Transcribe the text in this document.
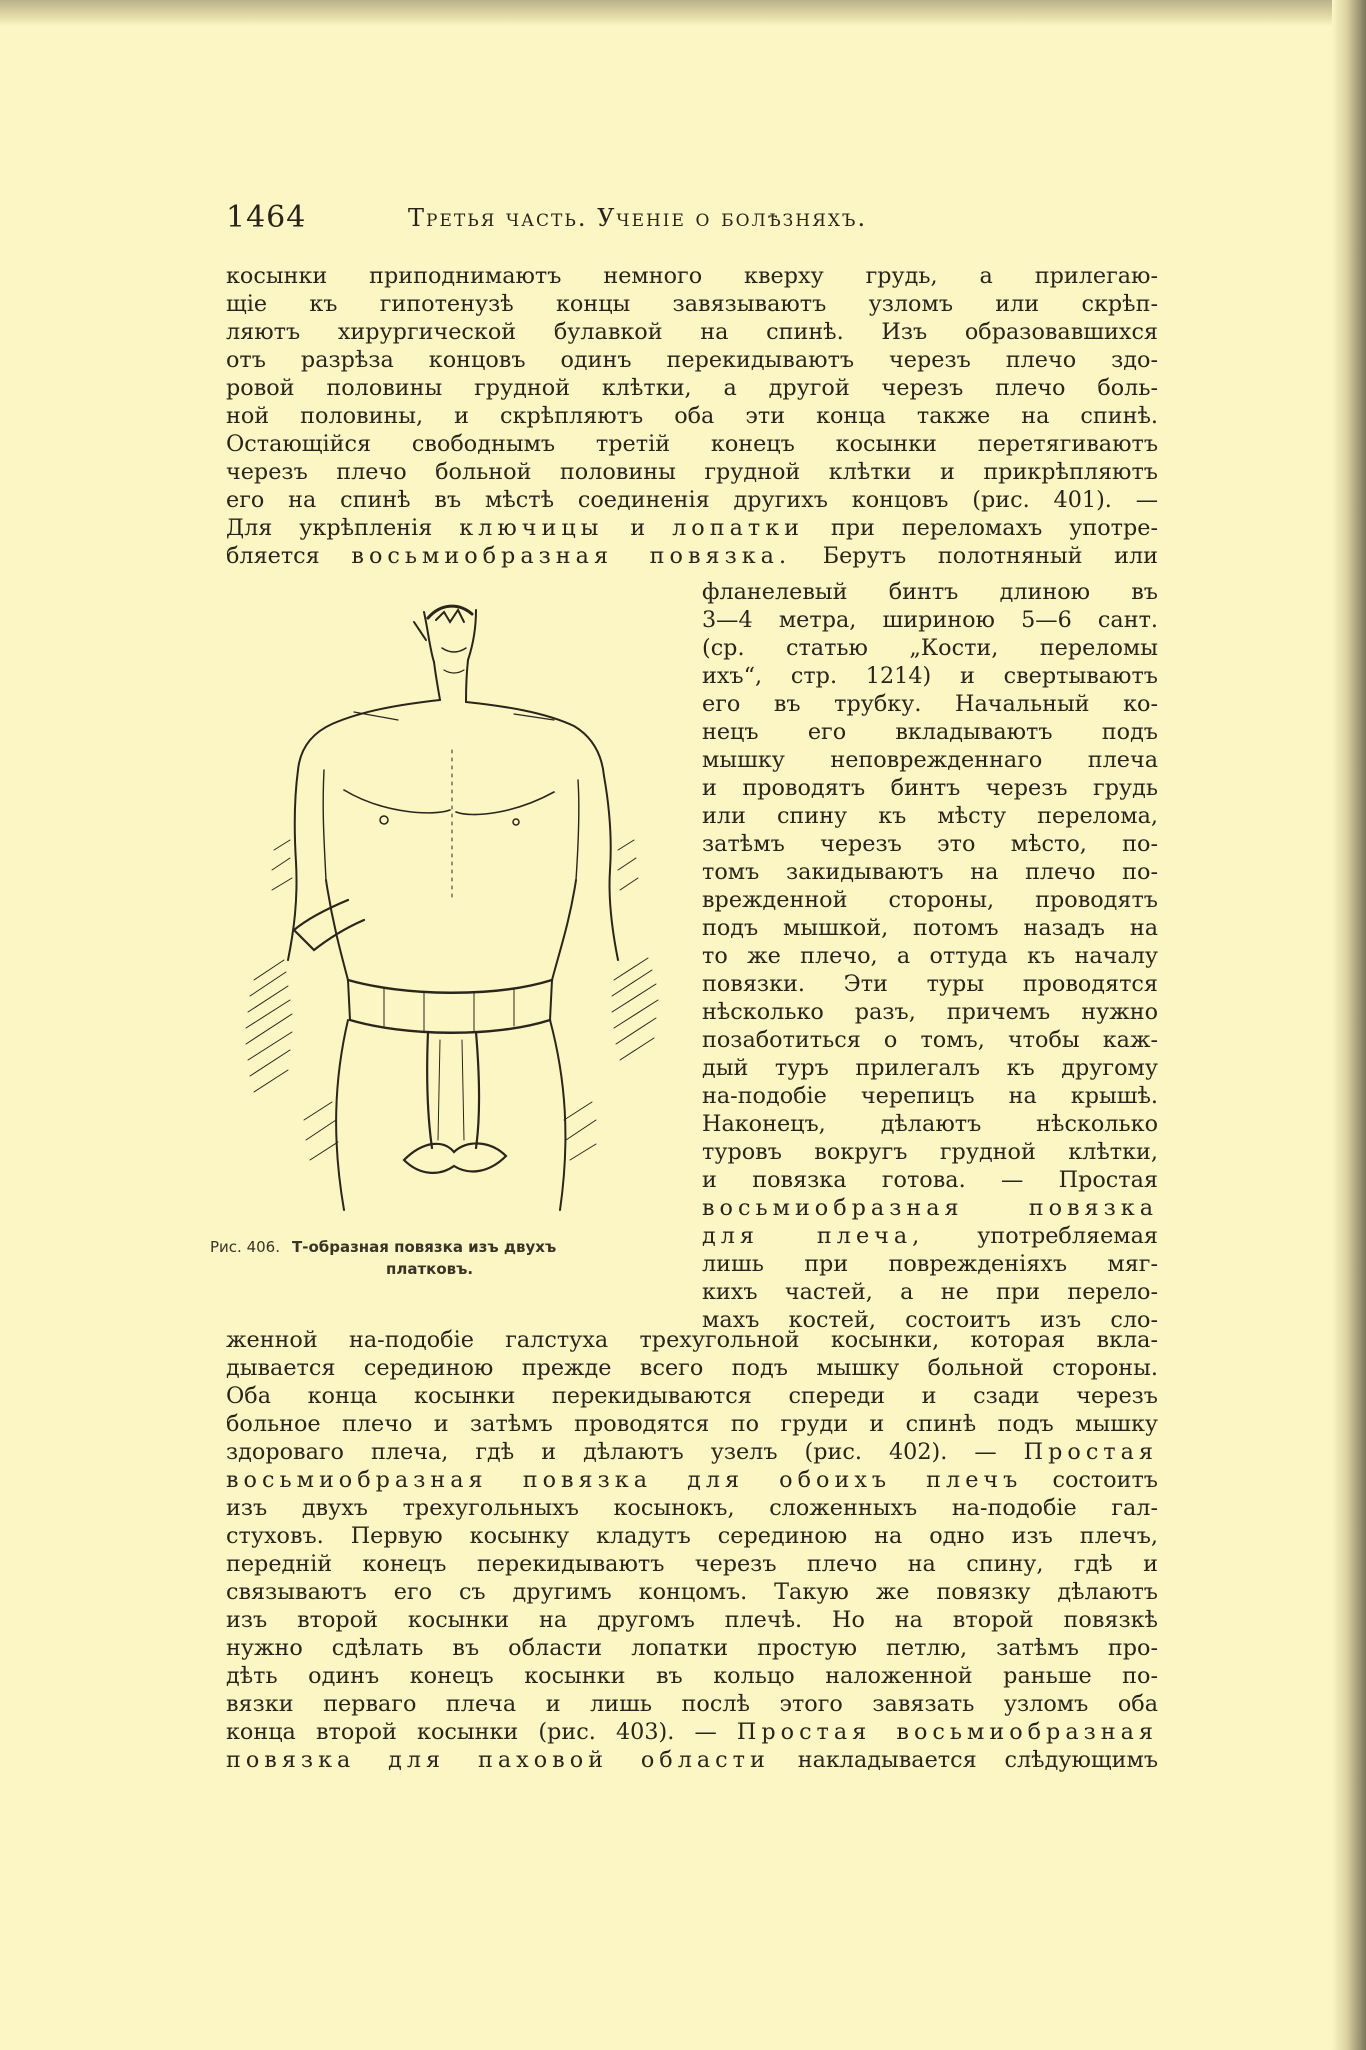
1464	Третья часть. Ученіе о болѣзняхъ.
косынки приподнимаютъ немного кверху грудь, а прилегаю-
щіе къ гипотенузѣ концы завязываютъ узломъ или скрѣп-
ляютъ хирургической булавкой на спинѣ. Изъ образовавшихся
отъ разрѣза концовъ одинъ перекидываютъ черезъ плечо здо-
ровой половины грудной клѣтки, а другой черезъ плечо боль-
ной половины, и скрѣпляютъ оба эти конца также на спинѣ.
Остающійся свободнымъ третій конецъ косынки перетягиваютъ
черезъ плечо больной половины грудной клѣтки и прикрѣпляютъ
его на спинѣ въ мѣстѣ соединенія другихъ концовъ (рис. 401). —
Для укрѣпленія ключицы и лопатки при переломахъ употре-
бляется восьмиобразная повязка. Берутъ полотняный или
фланелевый бинтъ длиною въ
3—4 метра, шириною 5—6 сант.
(ср. статью „Кости, переломы
ихъ“, стр. 1214) и свертываютъ
его въ трубку. Начальный ко-
нецъ его вкладываютъ подъ
мышку неповрежденнаго плеча
и проводятъ бинтъ черезъ грудь
или спину къ мѣсту перелома,
затѣмъ черезъ это мѣсто, по-
томъ закидываютъ на плечо по-
врежденной стороны, проводятъ
подъ мышкой, потомъ назадъ на
то же плечо, а оттуда къ началу
повязки. Эти туры проводятся
нѣсколько разъ, причемъ нужно
позаботиться о томъ, чтобы каж-
дый туръ прилегалъ къ другому
на-подобіе черепицъ на крышѣ.
Наконецъ, дѣлаютъ нѣсколько
туровъ вокругъ грудной клѣтки,
и повязка готова. — Простая
восьмиобразная повязка
для плеча, употребляемая
лишь при поврежденіяхъ мяг-
кихъ частей, а не при перело-
махъ костей, состоитъ изъ сло-
Рис. 406. Т-образная повязка изъ двухъ
платковъ.
женной на-подобіе галстуха трехугольной косынки, которая вкла-
дывается серединою прежде всего подъ мышку больной стороны.
Оба конца косынки перекидываются спереди и сзади черезъ
больное плечо и затѣмъ проводятся по груди и спинѣ подъ мышку
здороваго плеча, гдѣ и дѣлаютъ узелъ (рис. 402). — Простая
восьмиобразная повязка для обоихъ плечъ состоитъ
изъ двухъ трехугольныхъ косынокъ, сложенныхъ на-подобіе гал-
стуховъ. Первую косынку кладутъ серединою на одно изъ плечъ,
передній конецъ перекидываютъ черезъ плечо на спину, гдѣ и
связываютъ его съ другимъ концомъ. Такую же повязку дѣлаютъ
изъ второй косынки на другомъ плечѣ. Но на второй повязкѣ
нужно сдѣлать въ области лопатки простую петлю, затѣмъ про-
дѣть одинъ конецъ косынки въ кольцо наложенной раньше по-
вязки перваго плеча и лишь послѣ этого завязать узломъ оба
конца второй косынки (рис. 403). — Простая восьмиобразная
повязка для паховой области накладывается слѣдующимъ
